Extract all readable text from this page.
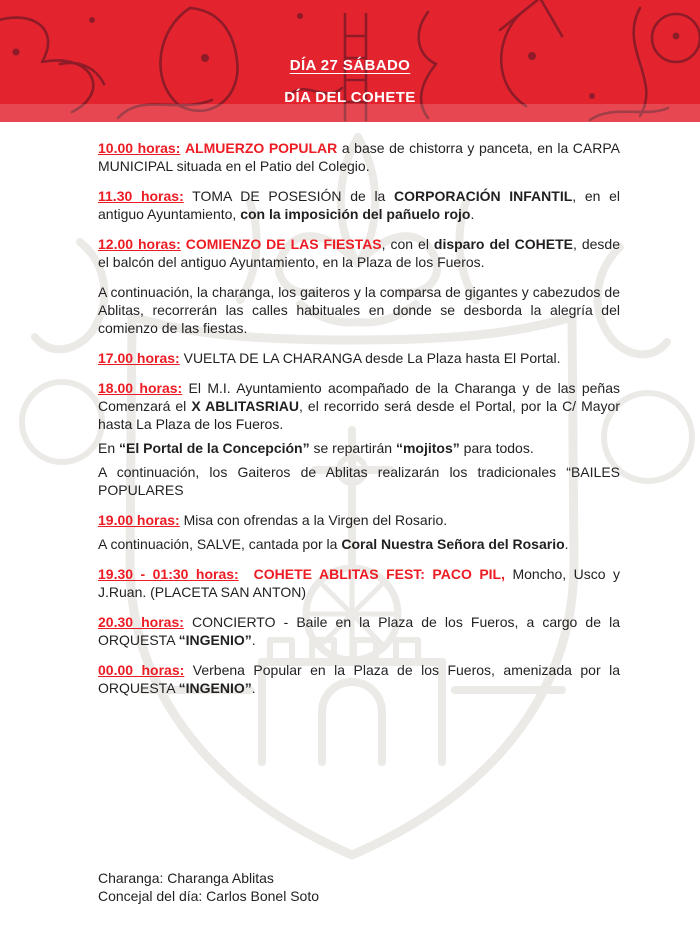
DÍA 27 SÁBADO
DÍA DEL COHETE
10.00 horas: ALMUERZO POPULAR a base de chistorra y panceta, en la CARPA MUNICIPAL situada en el Patio del Colegio.
11.30 horas: TOMA DE POSESIÓN de la CORPORACIÓN INFANTIL, en el antiguo Ayuntamiento, con la imposición del pañuelo rojo.
12.00 horas: COMIENZO DE LAS FIESTAS, con el disparo del COHETE, desde el balcón del antiguo Ayuntamiento, en la Plaza de los Fueros.
A continuación, la charanga, los gaiteros y la comparsa de gigantes y cabezudos de Ablitas, recorrerán las calles habituales en donde se desborda la alegría del comienzo de las fiestas.
17.00 horas: VUELTA DE LA CHARANGA desde La Plaza hasta El Portal.
18.00 horas: El M.I. Ayuntamiento acompañado de la Charanga y de las peñas Comenzará el X ABLITASRIAU, el recorrido será desde el Portal, por la C/ Mayor hasta La Plaza de los Fueros.
En “El Portal de la Concepción” se repartirán “mojitos” para todos.
A continuación, los Gaiteros de Ablitas realizarán los tradicionales “BAILES POPULARES
19.00 horas: Misa con ofrendas a la Virgen del Rosario.
A continuación, SALVE, cantada por la Coral Nuestra Señora del Rosario.
19.30 - 01:30 horas:  COHETE ABLITAS FEST: PACO PIL, Moncho, Usco y J.Ruan. (PLACETA SAN ANTON)
20.30 horas: CONCIERTO - Baile en la Plaza de los Fueros, a cargo de la ORQUESTA “INGENIO”.
00.00 horas: Verbena Popular en la Plaza de los Fueros, amenizada por la ORQUESTA “INGENIO”.
Charanga: Charanga Ablitas
Concejal del día: Carlos Bonel Soto
